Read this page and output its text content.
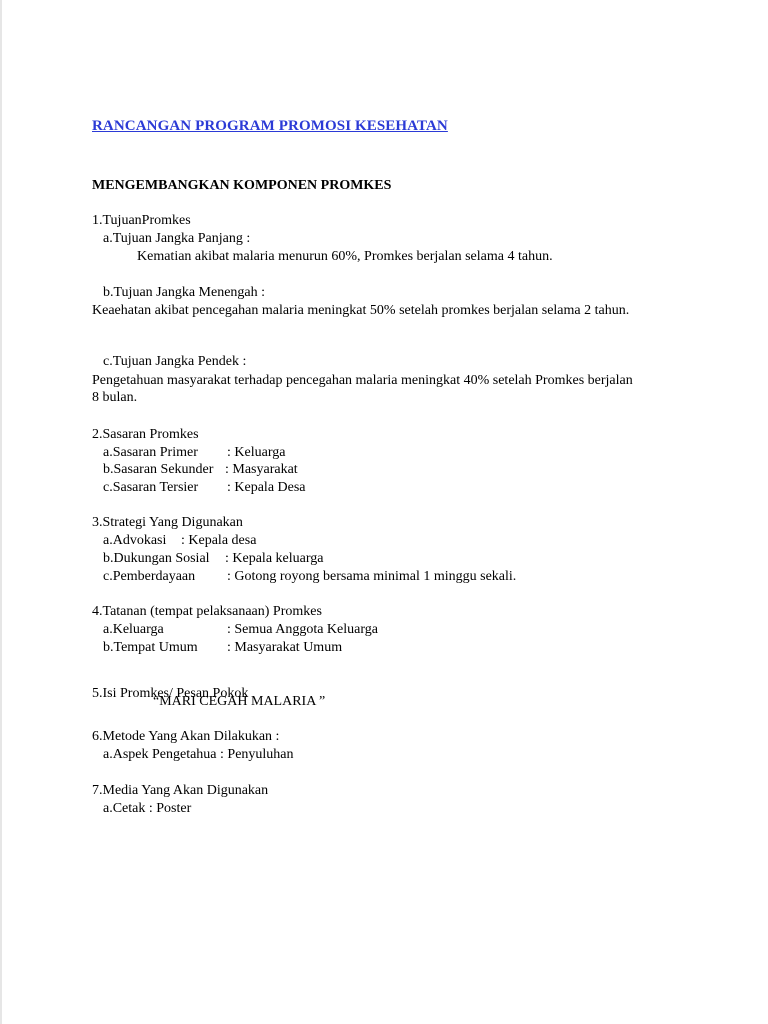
RANCANGAN PROGRAM PROMOSI KESEHATAN
MENGEMBANGKAN KOMPONEN PROMKES
1.TujuanPromkes
a.Tujuan Jangka Panjang :
Kematian akibat malaria menurun 60%, Promkes berjalan selama 4 tahun.
b.Tujuan Jangka Menengah :
Keaehatan akibat pencegahan malaria meningkat 50% setelah promkes berjalan selama 2 tahun.
c.Tujuan Jangka Pendek :
Pengetahuan masyarakat terhadap pencegahan malaria meningkat 40% setelah Promkes berjalan
8 bulan.
2.Sasaran Promkes
a.Sasaran Primer : Keluarga
b.Sasaran Sekunder : Masyarakat
c.Sasaran Tersier : Kepala Desa
3.Strategi Yang Digunakan
a.Advokasi : Kepala desa
b.Dukungan Sosial : Kepala keluarga
c.Pemberdayaan : Gotong royong bersama minimal 1 minggu sekali.
4.Tatanan (tempat pelaksanaan) Promkes
a.Keluarga	: Semua Anggota Keluarga
b.Tempat Umum : Masyarakat Umum
5.Isi Promkes/ Pesan Pokok
“MARI CEGAH MALARIA ”
6.Metode Yang Akan Dilakukan :
a.Aspek Pengetahua : Penyuluhan
7.Media Yang Akan Digunakan
a.Cetak : Poster
